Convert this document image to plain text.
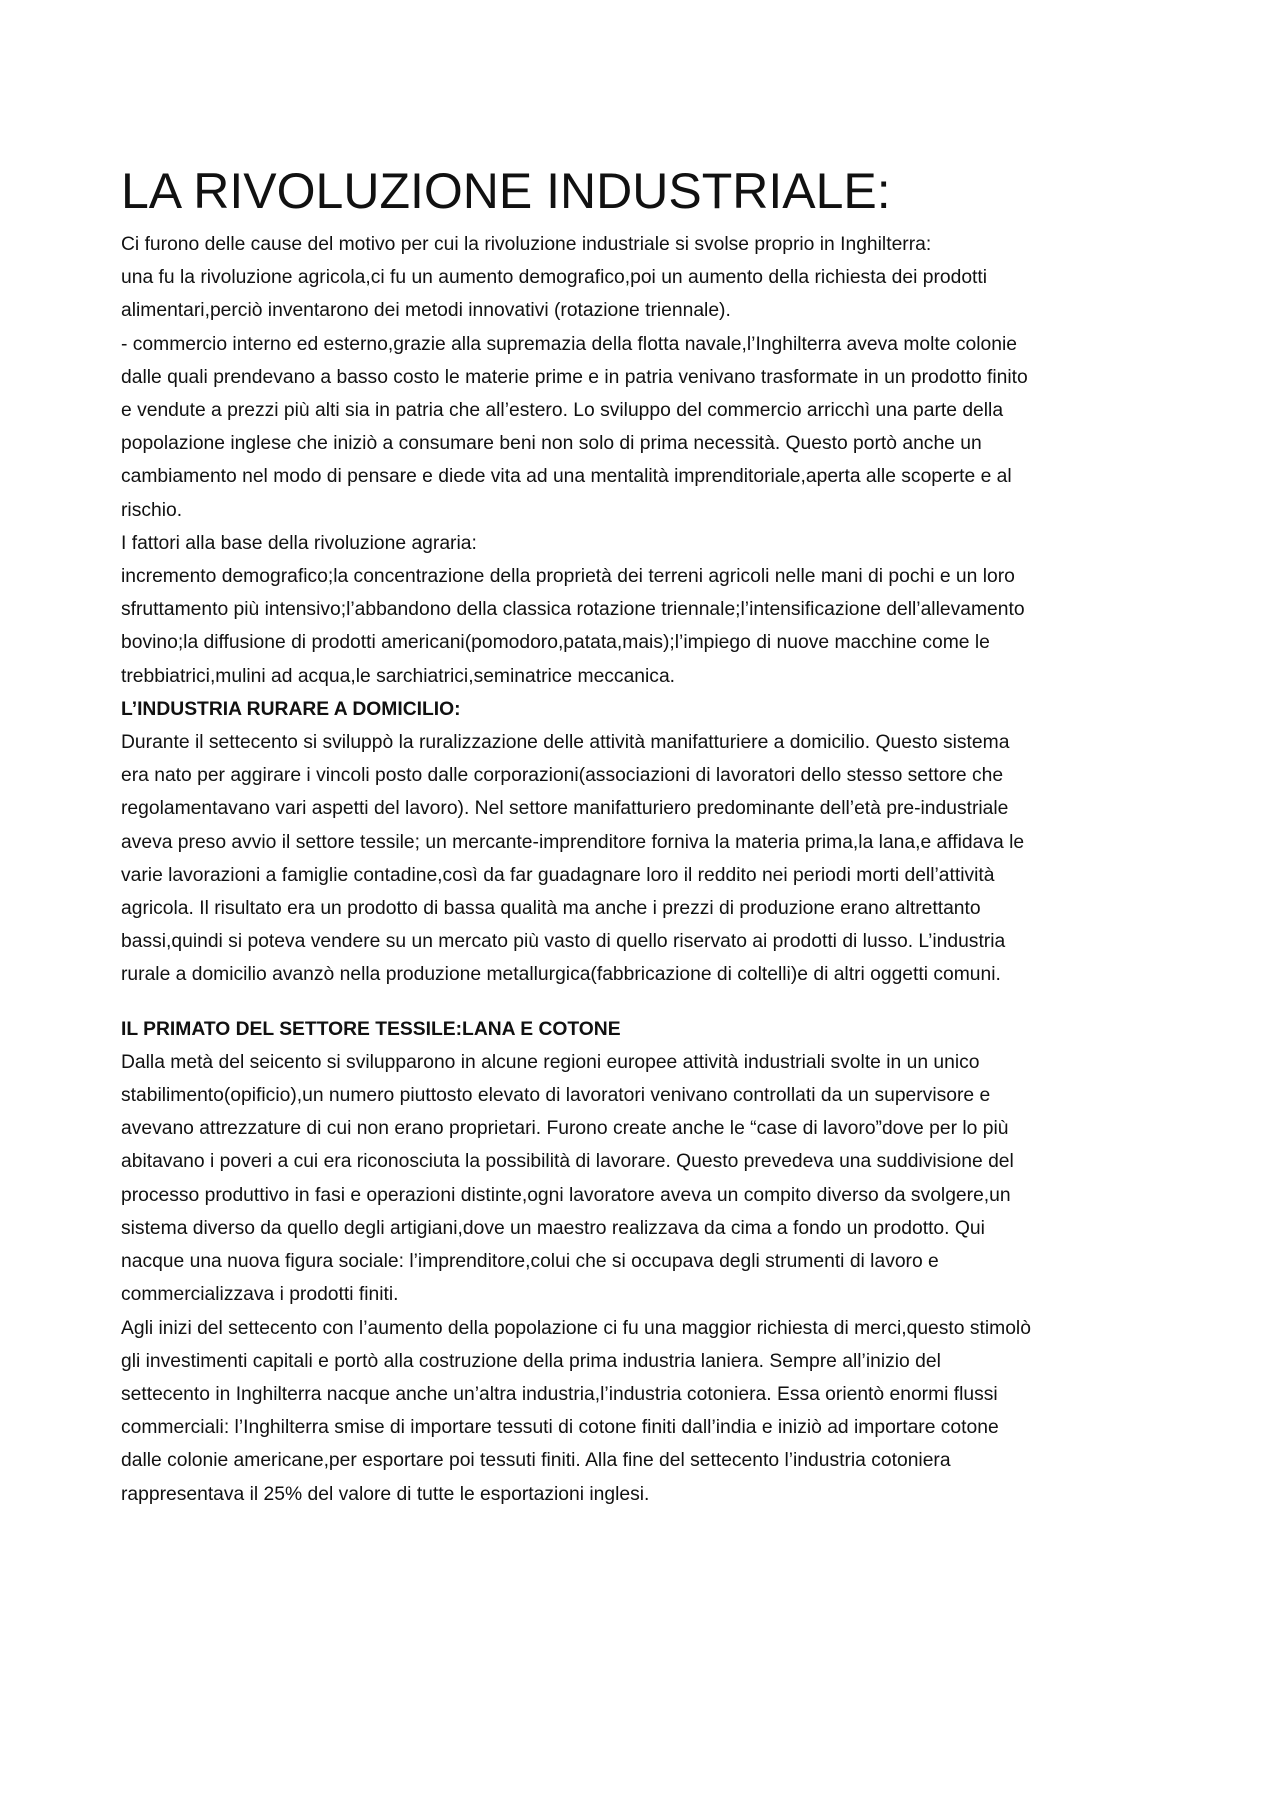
LA RIVOLUZIONE INDUSTRIALE:
Ci furono delle cause del motivo per cui la rivoluzione industriale si svolse proprio in Inghilterra:
una fu la rivoluzione agricola,ci fu un aumento demografico,poi un aumento della richiesta dei prodotti
alimentari,perciò inventarono dei metodi innovativi (rotazione triennale).
- commercio interno ed esterno,grazie alla supremazia della flotta navale,l’Inghilterra aveva molte colonie
dalle quali prendevano a basso costo le materie prime e in patria venivano trasformate in un prodotto finito
e vendute a prezzi più alti sia in patria che all’estero. Lo sviluppo del commercio arricchì una parte della
popolazione inglese che iniziò a consumare beni non solo di prima necessità. Questo portò anche un
cambiamento nel modo di pensare e diede vita ad una mentalità imprenditoriale,aperta alle scoperte e al
rischio.
I fattori alla base della rivoluzione agraria:
incremento demografico;la concentrazione della proprietà dei terreni agricoli nelle mani di pochi e un loro
sfruttamento più intensivo;l’abbandono della classica rotazione triennale;l’intensificazione dell’allevamento
bovino;la diffusione di prodotti americani(pomodoro,patata,mais);l’impiego di nuove macchine come le
trebbiatrici,mulini ad acqua,le sarchiatrici,seminatrice meccanica.
L’INDUSTRIA RURARE A DOMICILIO:
Durante il settecento si sviluppò la ruralizzazione delle attività manifatturiere a domicilio. Questo sistema
era nato per aggirare i vincoli posto dalle corporazioni(associazioni di lavoratori dello stesso settore che
regolamentavano vari aspetti del lavoro). Nel settore manifatturiero predominante dell’età pre-industriale
aveva preso avvio il settore tessile; un mercante-imprenditore forniva la materia prima,la lana,e affidava le
varie lavorazioni a famiglie contadine,così da far guadagnare loro il reddito nei periodi morti dell’attività
agricola. Il risultato era un prodotto di bassa qualità ma anche i prezzi di produzione erano altrettanto
bassi,quindi si poteva vendere su un mercato più vasto di quello riservato ai prodotti di lusso. L’industria
rurale a domicilio avanzò nella produzione metallurgica(fabbricazione di coltelli)e di altri oggetti comuni.
IL PRIMATO DEL SETTORE TESSILE:LANA E COTONE
Dalla metà del seicento si svilupparono in alcune regioni europee attività industriali svolte in un unico
stabilimento(opificio),un numero piuttosto elevato di lavoratori venivano controllati da un supervisore e
avevano attrezzature di cui non erano proprietari. Furono create anche le “case di lavoro”dove per lo più
abitavano i poveri a cui era riconosciuta la possibilità di lavorare. Questo prevedeva una suddivisione del
processo produttivo in fasi e operazioni distinte,ogni lavoratore aveva un compito diverso da svolgere,un
sistema diverso da quello degli artigiani,dove un maestro realizzava da cima a fondo un prodotto. Qui
nacque una nuova figura sociale: l’imprenditore,colui che si occupava degli strumenti di lavoro e
commercializzava i prodotti finiti.
Agli inizi del settecento con l’aumento della popolazione ci fu una maggior richiesta di merci,questo stimolò
gli investimenti capitali e portò alla costruzione della prima industria laniera. Sempre all’inizio del
settecento in Inghilterra nacque anche un’altra industria,l’industria cotoniera. Essa orientò enormi flussi
commerciali: l’Inghilterra smise di importare tessuti di cotone finiti dall’india e iniziò ad importare cotone
dalle colonie americane,per esportare poi tessuti finiti. Alla fine del settecento l’industria cotoniera
rappresentava il 25% del valore di tutte le esportazioni inglesi.
